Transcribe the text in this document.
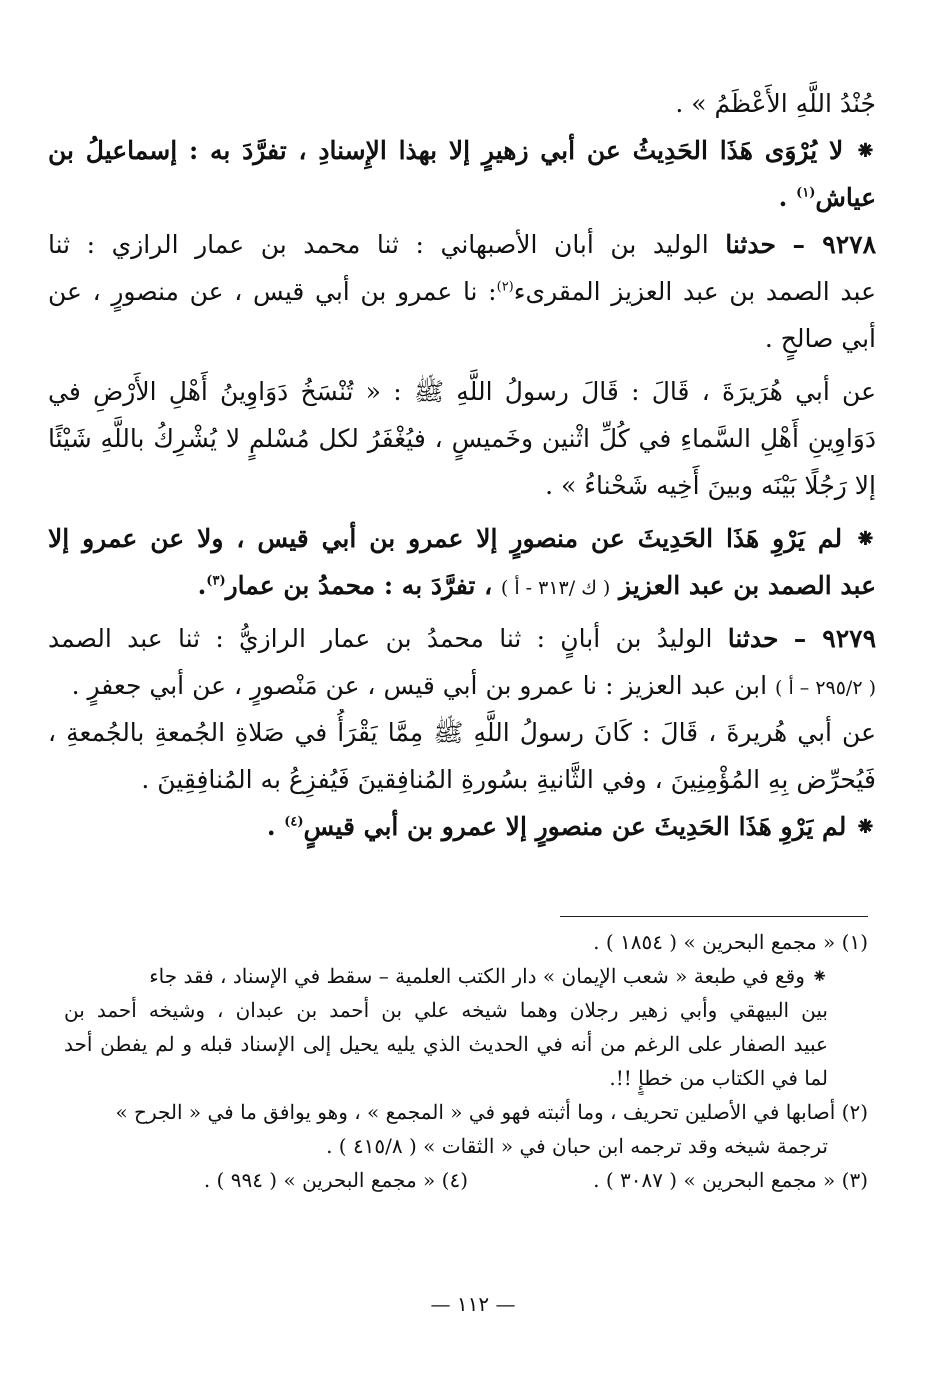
جُنْدُ اللَّهِ الأَعْظَمُ » .
⁕ لا يُرْوَى هَذَا الحَدِيثُ عن أبي زهيرٍ إلا بهذا الإِسنادِ ، تفرَّدَ به : إسماعيلُ بن
عياش$^{(١)}$ .
٩٢٧٨ – حدثنا الوليد بن أبان الأصبهاني : ثنا محمد بن عمار الرازي : ثنا
عبد الصمد بن عبد العزيز المقرىء$^{(٢)}$: نا عمرو بن أبي قيس ، عن منصورٍ ، عن
أبي صالحٍ .
عن أبي هُرَيرَةَ ، قَالَ : قَالَ رسولُ اللَّهِ ﷺ : « تُنْسَخُ دَوَاوِينُ أَهْلِ الأَرْضِ في
دَوَاوِينِ أَهْلِ السَّماءِ في كُلِّ اثْنين وخَميسٍ ، فيُغْفَرُ لكل مُسْلمٍ لا يُشْرِكُ باللَّهِ شَيْئًا
إلا رَجُلًا بَيْنَه وبينَ أَخِيه شَحْناءُ » .
⁕ لم يَرْوِ هَذَا الحَدِيثَ عن منصورٍ إلا عمرو بن أبي قيس ، ولا عن عمرو إلا
عبد الصمد بن عبد العزيز ( ك /٣١٣ - أ ) ، تفرَّدَ به : محمدُ بن عمار$^{(٣)}$.
٩٢٧٩ – حدثنا الوليدُ بن أبانٍ : ثنا محمدُ بن عمار الرازيُّ : ثنا عبد الصمد
( ٢٩٥/٢ – أ ) ابن عبد العزيز : نا عمرو بن أبي قيس ، عن مَنْصورٍ ، عن أبي جعفرٍ .
عن أبي هُريرةَ ، قَالَ : كَانَ رسولُ اللَّهِ ﷺ مِمَّا يَقْرَأُ في صَلاةِ الجُمعةِ بالجُمعةِ ،
فَيُحرِّض بِهِ المُؤْمِنِينَ ، وفي الثَّانيةِ بسُورةِ المُنافِقينَ فَيُفزِعُ به المُنافِقِينَ .
⁕ لم يَرْوِ هَذَا الحَدِيثَ عن منصورٍ إلا عمرو بن أبي قيسٍ$^{(٤)}$ .
(١) « مجمع البحرين » ( ١٨٥٤ ) .
⁕ وقع في طبعة « شعب الإيمان » دار الكتب العلمية – سقط في الإسناد ، فقد جاء
بين البيهقي وأبي زهير رجلان وهما شيخه علي بن أحمد بن عبدان ، وشيخه أحمد بن
عبيد الصفار على الرغم من أنه في الحديث الذي يليه يحيل إلى الإسناد قبله و لم يفطن أحد
لما في الكتاب من خطإٍ !!.
(٢) أصابها في الأصلين تحريف ، وما أثبته فهو في « المجمع » ، وهو يوافق ما في « الجرح »
ترجمة شيخه وقد ترجمه ابن حبان في « الثقات » ( ٤١٥/٨ ) .
(٣) « مجمع البحرين » ( ٣٠٨٧ ) .
(٤) « مجمع البحرين » ( ٩٩٤ ) .
— ١١٢ —
